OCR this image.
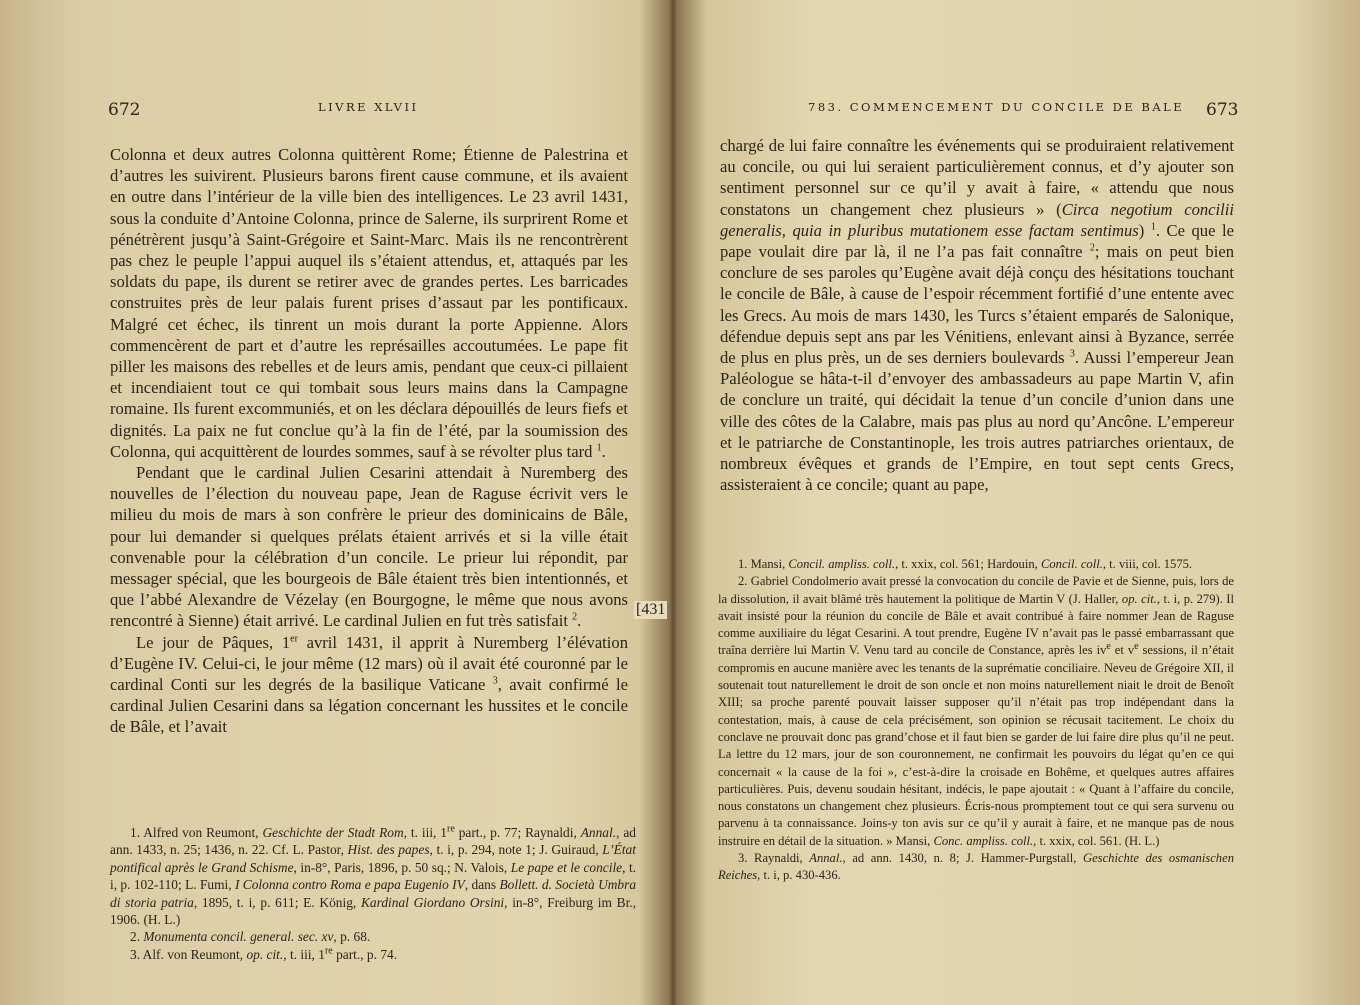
672	LIVRE XLVII

Colonna et deux autres Colonna quittèrent Rome; Étienne de Palestrina et d’autres les suivirent. Plusieurs barons firent cause commune, et ils avaient en outre dans l’intérieur de la ville bien des intelligences. Le 23 avril 1431, sous la conduite d’Antoine Colonna, prince de Salerne, ils surprirent Rome et pénétrèrent jusqu’à Saint-Grégoire et Saint-Marc. Mais ils ne rencontrèrent pas chez le peuple l’appui auquel ils s’étaient attendus, et, attaqués par les soldats du pape, ils durent se retirer avec de grandes pertes. Les barricades construites près de leur palais furent prises d’assaut par les pontificaux. Malgré cet échec, ils tinrent un mois durant la porte Appienne. Alors commencèrent de part et d’autre les représailles accoutumées. Le pape fit piller les maisons des rebelles et de leurs amis, pendant que ceux-ci pillaient et incendiaient tout ce qui tombait sous leurs mains dans la Campagne romaine. Ils furent excommuniés, et on les déclara dépouillés de leurs fiefs et dignités. La paix ne fut conclue qu’à la fin de l’été, par la soumission des Colonna, qui acquittèrent de lourdes sommes, sauf à se révolter plus tard $^1$.

Pendant que le cardinal Julien Cesarini attendait à Nuremberg des nouvelles de l’élection du nouveau pape, Jean de Raguse écrivit vers le milieu du mois de mars à son confrère le prieur des dominicains de Bâle, pour lui demander si quelques prélats étaient arrivés et si la ville était convenable pour la célébration d’un concile. Le prieur lui répondit, par messager spécial, que les bourgeois de Bâle étaient très bien intentionnés, et que l’abbé Alexandre de Vézelay (en Bourgogne, le même que nous avons rencontré à Sienne) était arrivé. Le cardinal Julien en fut très satisfait $^2$.

Le jour de Pâques, 1er avril 1431, il apprit à Nuremberg l’élévation d’Eugène IV. Celui-ci, le jour même (12 mars) où il avait été couronné par le cardinal Conti sur les degrés de la basilique Vaticane $^3$, avait confirmé le cardinal Julien Cesarini dans sa légation concernant les hussites et le concile de Bâle, et l’avait

1. Alfred von Reumont, Geschichte der Stadt Rom, t. iii, 1re part., p. 77; Raynaldi, Annal., ad ann. 1433, n. 25; 1436, n. 22. Cf. L. Pastor, Hist. des papes, t. i, p. 294, note 1; J. Guiraud, L’État pontifical après le Grand Schisme, in-8°, Paris, 1896, p. 50 sq.; N. Valois, Le pape et le concile, t. i, p. 102-110; L. Fumi, I Colonna contro Roma e papa Eugenio IV, dans Bollett. d. Società Umbra di storia patria, 1895, t. i, p. 611; E. König, Kardinal Giordano Orsini, in-8°, Freiburg im Br., 1906. (H. L.)

2. Monumenta concil. general. sec. xv, p. 68.

3. Alf. von Reumont, op. cit., t. iii, 1re part., p. 74.

[431
783. COMMENCEMENT DU CONCILE DE BALE 673

chargé de lui faire connaître les événements qui se produiraient relativement au concile, ou qui lui seraient particulièrement connus, et d’y ajouter son sentiment personnel sur ce qu’il y avait à faire, « attendu que nous constatons un changement chez plusieurs » (Circa negotium concilii generalis, quia in pluribus mutationem esse factam sentimus) $^1$. Ce que le pape voulait dire par là, il ne l’a pas fait connaître $^2$; mais on peut bien conclure de ses paroles qu’Eugène avait déjà conçu des hésitations touchant le concile de Bâle, à cause de l’espoir récemment fortifié d’une entente avec les Grecs. Au mois de mars 1430, les Turcs s’étaient emparés de Salonique, défendue depuis sept ans par les Vénitiens, enlevant ainsi à Byzance, serrée de plus en plus près, un de ses derniers boulevards $^3$. Aussi l’empereur Jean Paléologue se hâta-t-il d’envoyer des ambassadeurs au pape Martin V, afin de conclure un traité, qui décidait la tenue d’un concile d’union dans une ville des côtes de la Calabre, mais pas plus au nord qu’Ancône. L’empereur et le patriarche de Constantinople, les trois autres patriarches orientaux, de nombreux évêques et grands de l’Empire, en tout sept cents Grecs, assisteraient à ce concile; quant au pape,

1. Mansi, Concil. ampliss. coll., t. xxix, col. 561; Hardouin, Concil. coll., t. viii, col. 1575.

2. Gabriel Condolmerio avait pressé la convocation du concile de Pavie et de Sienne, puis, lors de la dissolution, il avait blâmé très hautement la politique de Martin V (J. Haller, op. cit., t. i, p. 279). Il avait insisté pour la réunion du concile de Bâle et avait contribué à faire nommer Jean de Raguse comme auxiliaire du légat Cesarini. A tout prendre, Eugène IV n’avait pas le passé embarrassant que traîna derrière lui Martin V. Venu tard au concile de Constance, après les $iv^e$ et $v^e$ sessions, il n’était compromis en aucune manière avec les tenants de la suprématie conciliaire. Neveu de Grégoire XII, il soutenait tout naturellement le droit de son oncle et non moins naturellement niait le droit de Benoît XIII; sa proche parenté pouvait laisser supposer qu’il n’était pas trop indépendant dans la contestation, mais, à cause de cela précisément, son opinion se récusait tacitement. Le choix du conclave ne prouvait donc pas grand’chose et il faut bien se garder de lui faire dire plus qu’il ne peut. La lettre du 12 mars, jour de son couronnement, ne confirmait les pouvoirs du légat qu’en ce qui concernait « la cause de la foi », c’est-à-dire la croisade en Bohême, et quelques autres affaires particulières. Puis, devenu soudain hésitant, indécis, le pape ajoutait : « Quant à l’affaire du concile, nous constatons un changement chez plusieurs. Écris-nous promptement tout ce qui sera survenu ou parvenu à ta connaissance. Joins-y ton avis sur ce qu’il y aurait à faire, et ne manque pas de nous instruire en détail de la situation. » Mansi, Conc. ampliss. coll., t. xxix, col. 561. (H. L.)

3. Raynaldi, Annal., ad ann. 1430, n. 8; J. Hammer-Purgstall, Geschichte des osmanischen Reiches, t. i, p. 430-436.
